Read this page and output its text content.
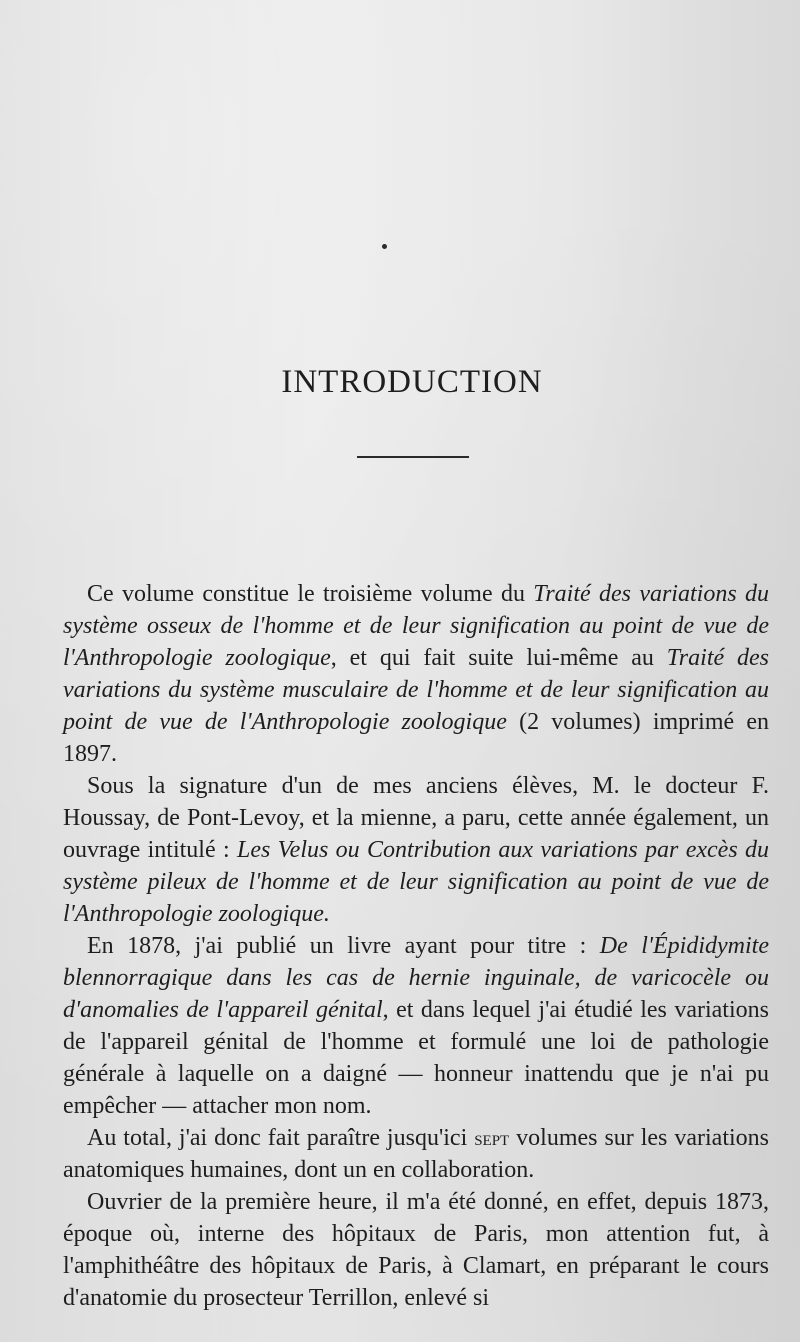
INTRODUCTION

Ce volume constitue le troisième volume du Traité des variations du système osseux de l'homme et de leur signification au point de vue de l'Anthropologie zoologique, et qui fait suite lui-même au Traité des variations du système musculaire de l'homme et de leur signification au point de vue de l'Anthropologie zoologique (2 volumes) imprimé en 1897.

Sous la signature d'un de mes anciens élèves, M. le docteur F. Houssay, de Pont-Levoy, et la mienne, a paru, cette année également, un ouvrage intitulé : Les Velus ou Contribution aux variations par excès du système pileux de l'homme et de leur signification au point de vue de l'Anthropologie zoologique.

En 1878, j'ai publié un livre ayant pour titre : De l'Épididymite blennorragique dans les cas de hernie inguinale, de varicocèle ou d'anomalies de l'appareil génital, et dans lequel j'ai étudié les variations de l'appareil génital de l'homme et formulé une loi de pathologie générale à laquelle on a daigné — honneur inattendu que je n'ai pu empêcher — attacher mon nom.

Au total, j'ai donc fait paraître jusqu'ici sept volumes sur les variations anatomiques humaines, dont un en collaboration.

Ouvrier de la première heure, il m'a été donné, en effet, depuis 1873, époque où, interne des hôpitaux de Paris, mon attention fut, à l'amphithéâtre des hôpitaux de Paris, à Clamart, en préparant le cours d'anatomie du prosecteur Terrillon, enlevé si
